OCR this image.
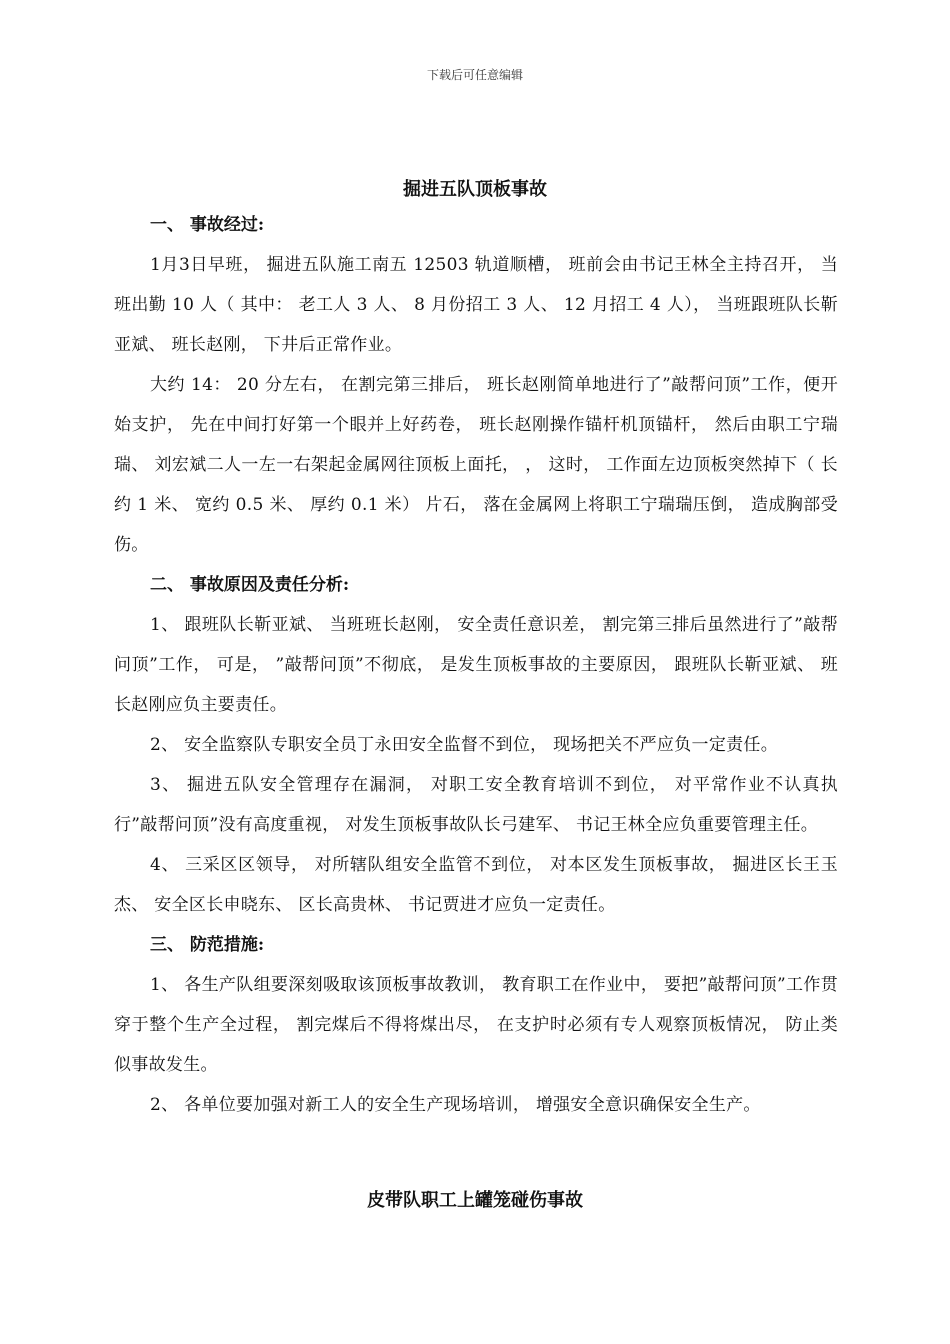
下载后可任意编辑
掘进五队顶板事故

一、 事故经过:

1月3日早班， 掘进五队施工南五 12503 轨道顺槽， 班前会由书记王林全主持召开， 当班出勤 10 人（ 其中： 老工人 3 人、 8 月份招工 3 人、 12 月招工 4 人）， 当班跟班队长靳亚斌、 班长赵刚， 下井后正常作业。

大约 14： 20 分左右， 在割完第三排后， 班长赵刚简单地进行了”敲帮问顶”工作，便开始支护， 先在中间打好第一个眼并上好药卷， 班长赵刚操作锚杆机顶锚杆， 然后由职工宁瑞瑞、 刘宏斌二人一左一右架起金属网往顶板上面托， ， 这时， 工作面左边顶板突然掉下（ 长约 1 米、 宽约 0.5 米、 厚约 0.1 米） 片石， 落在金属网上将职工宁瑞瑞压倒， 造成胸部受伤。

二、 事故原因及责任分析:

1、 跟班队长靳亚斌、 当班班长赵刚， 安全责任意识差， 割完第三排后虽然进行了”敲帮问顶”工作， 可是， ”敲帮问顶”不彻底， 是发生顶板事故的主要原因， 跟班队长靳亚斌、 班长赵刚应负主要责任。

2、 安全监察队专职安全员丁永田安全监督不到位， 现场把关不严应负一定责任。

3、 掘进五队安全管理存在漏洞， 对职工安全教育培训不到位， 对平常作业不认真执行”敲帮问顶”没有高度重视， 对发生顶板事故队长弓建军、 书记王林全应负重要管理主任。

4、 三采区区领导， 对所辖队组安全监管不到位， 对本区发生顶板事故， 掘进区长王玉杰、 安全区长申晓东、 区长高贵林、 书记贾进才应负一定责任。

三、 防范措施:

1、 各生产队组要深刻吸取该顶板事故教训， 教育职工在作业中， 要把”敲帮问顶”工作贯穿于整个生产全过程， 割完煤后不得将煤出尽， 在支护时必须有专人观察顶板情况， 防止类似事故发生。

2、 各单位要加强对新工人的安全生产现场培训， 增强安全意识确保安全生产。

皮带队职工上罐笼碰伤事故
